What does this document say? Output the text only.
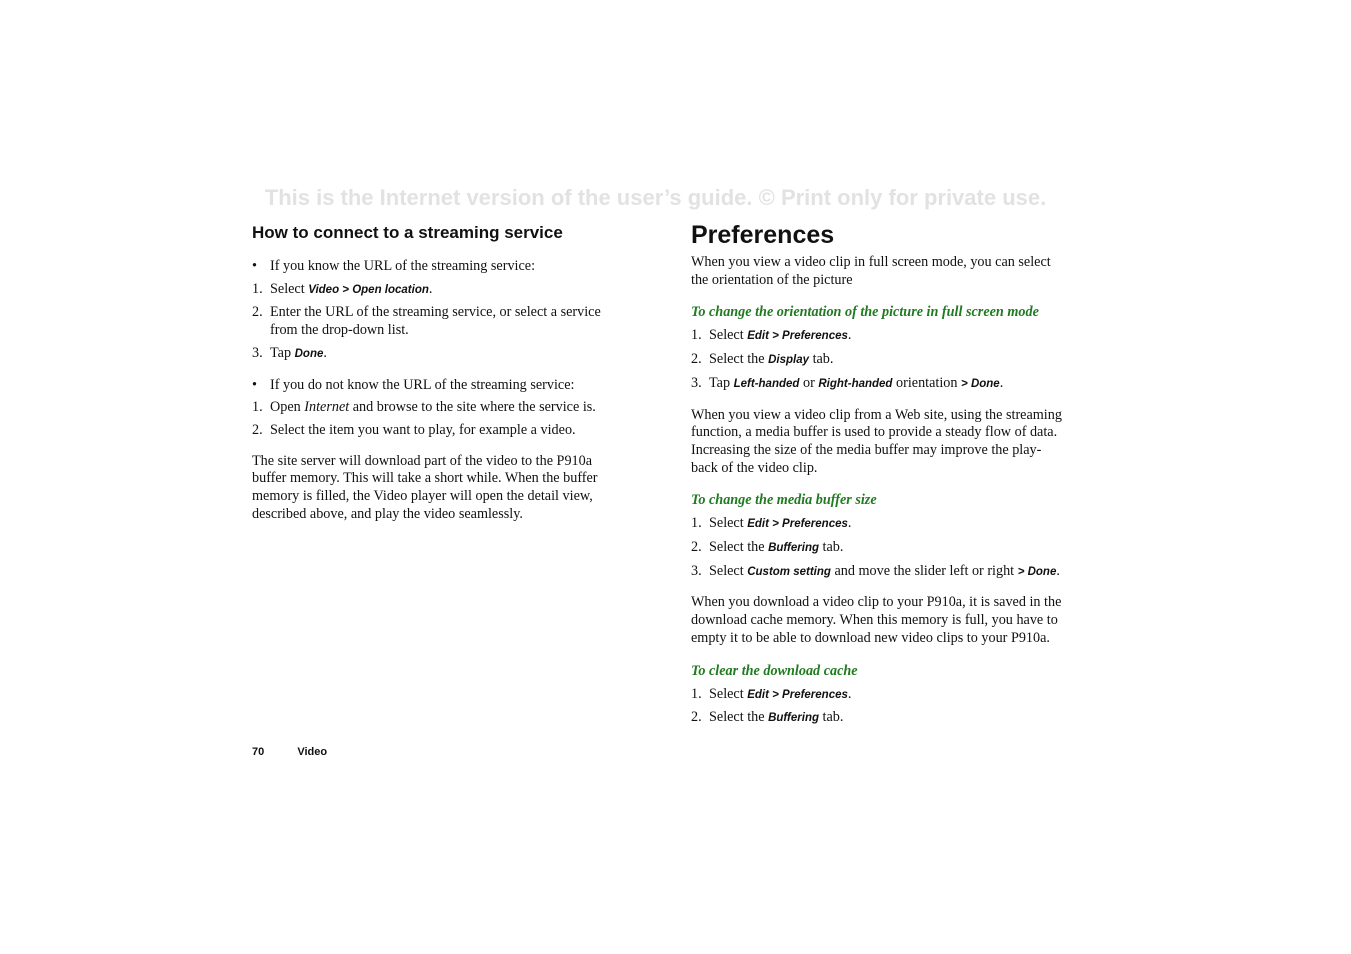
This is the Internet version of the user’s guide. © Print only for private use.
How to connect to a streaming service
• If you know the URL of the streaming service:
1. Select Video > Open location.
2. Enter the URL of the streaming service, or select a service from the drop-down list.
3. Tap Done.
• If you do not know the URL of the streaming service:
1. Open Internet and browse to the site where the service is.
2. Select the item you want to play, for example a video.

The site server will download part of the video to the P910a buffer memory. This will take a short while. When the buffer memory is filled, the Video player will open the detail view, described above, and play the video seamlessly.

Preferences

When you view a video clip in full screen mode, you can select the orientation of the picture

To change the orientation of the picture in full screen mode
1. Select Edit > Preferences.
2. Select the Display tab.
3. Tap Left-handed or Right-handed orientation > Done.

When you view a video clip from a Web site, using the streaming function, a media buffer is used to provide a steady flow of data. Increasing the size of the media buffer may improve the play-back of the video clip.

To change the media buffer size
1. Select Edit > Preferences.
2. Select the Buffering tab.
3. Select Custom setting and move the slider left or right > Done.

When you download a video clip to your P910a, it is saved in the download cache memory. When this memory is full, you have to empty it to be able to download new video clips to your P910a.

To clear the download cache
1. Select Edit > Preferences.
2. Select the Buffering tab.
70	Video
